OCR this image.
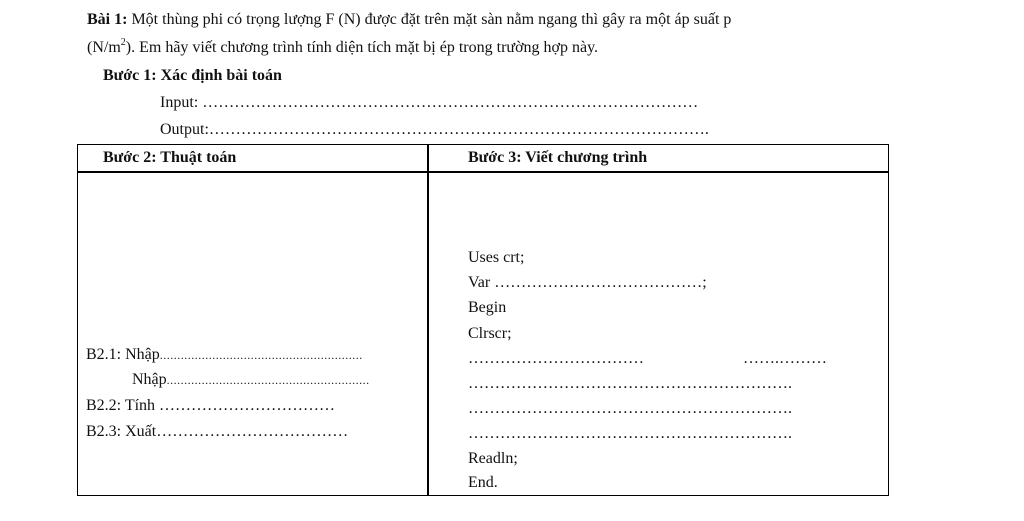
Bài 1: Một thùng phi có trọng lượng F (N) được đặt trên mặt sàn nằm ngang thì gây ra một áp suất p
$(N/m^2)$. Em hãy viết chương trình tính diện tích mặt bị ép trong trường hợp này.
Bước 1: Xác định bài toán
Input: …………………………………………………………………………………
Output:………………………………………………………………………………….
Bước 2: Thuật toán	Bước 3: Viết chương trình
B2.1: Nhập..........................................................
Nhập..........................................................
B2.2: Tính ……………………………
B2.3: Xuất………………………………
Uses crt;
Var …………………………………;
Begin
Clrscr;
……………………………	…….………
…………………………………………………….
…………………………………………………….
…………………………………………………….
Readln;
End.
